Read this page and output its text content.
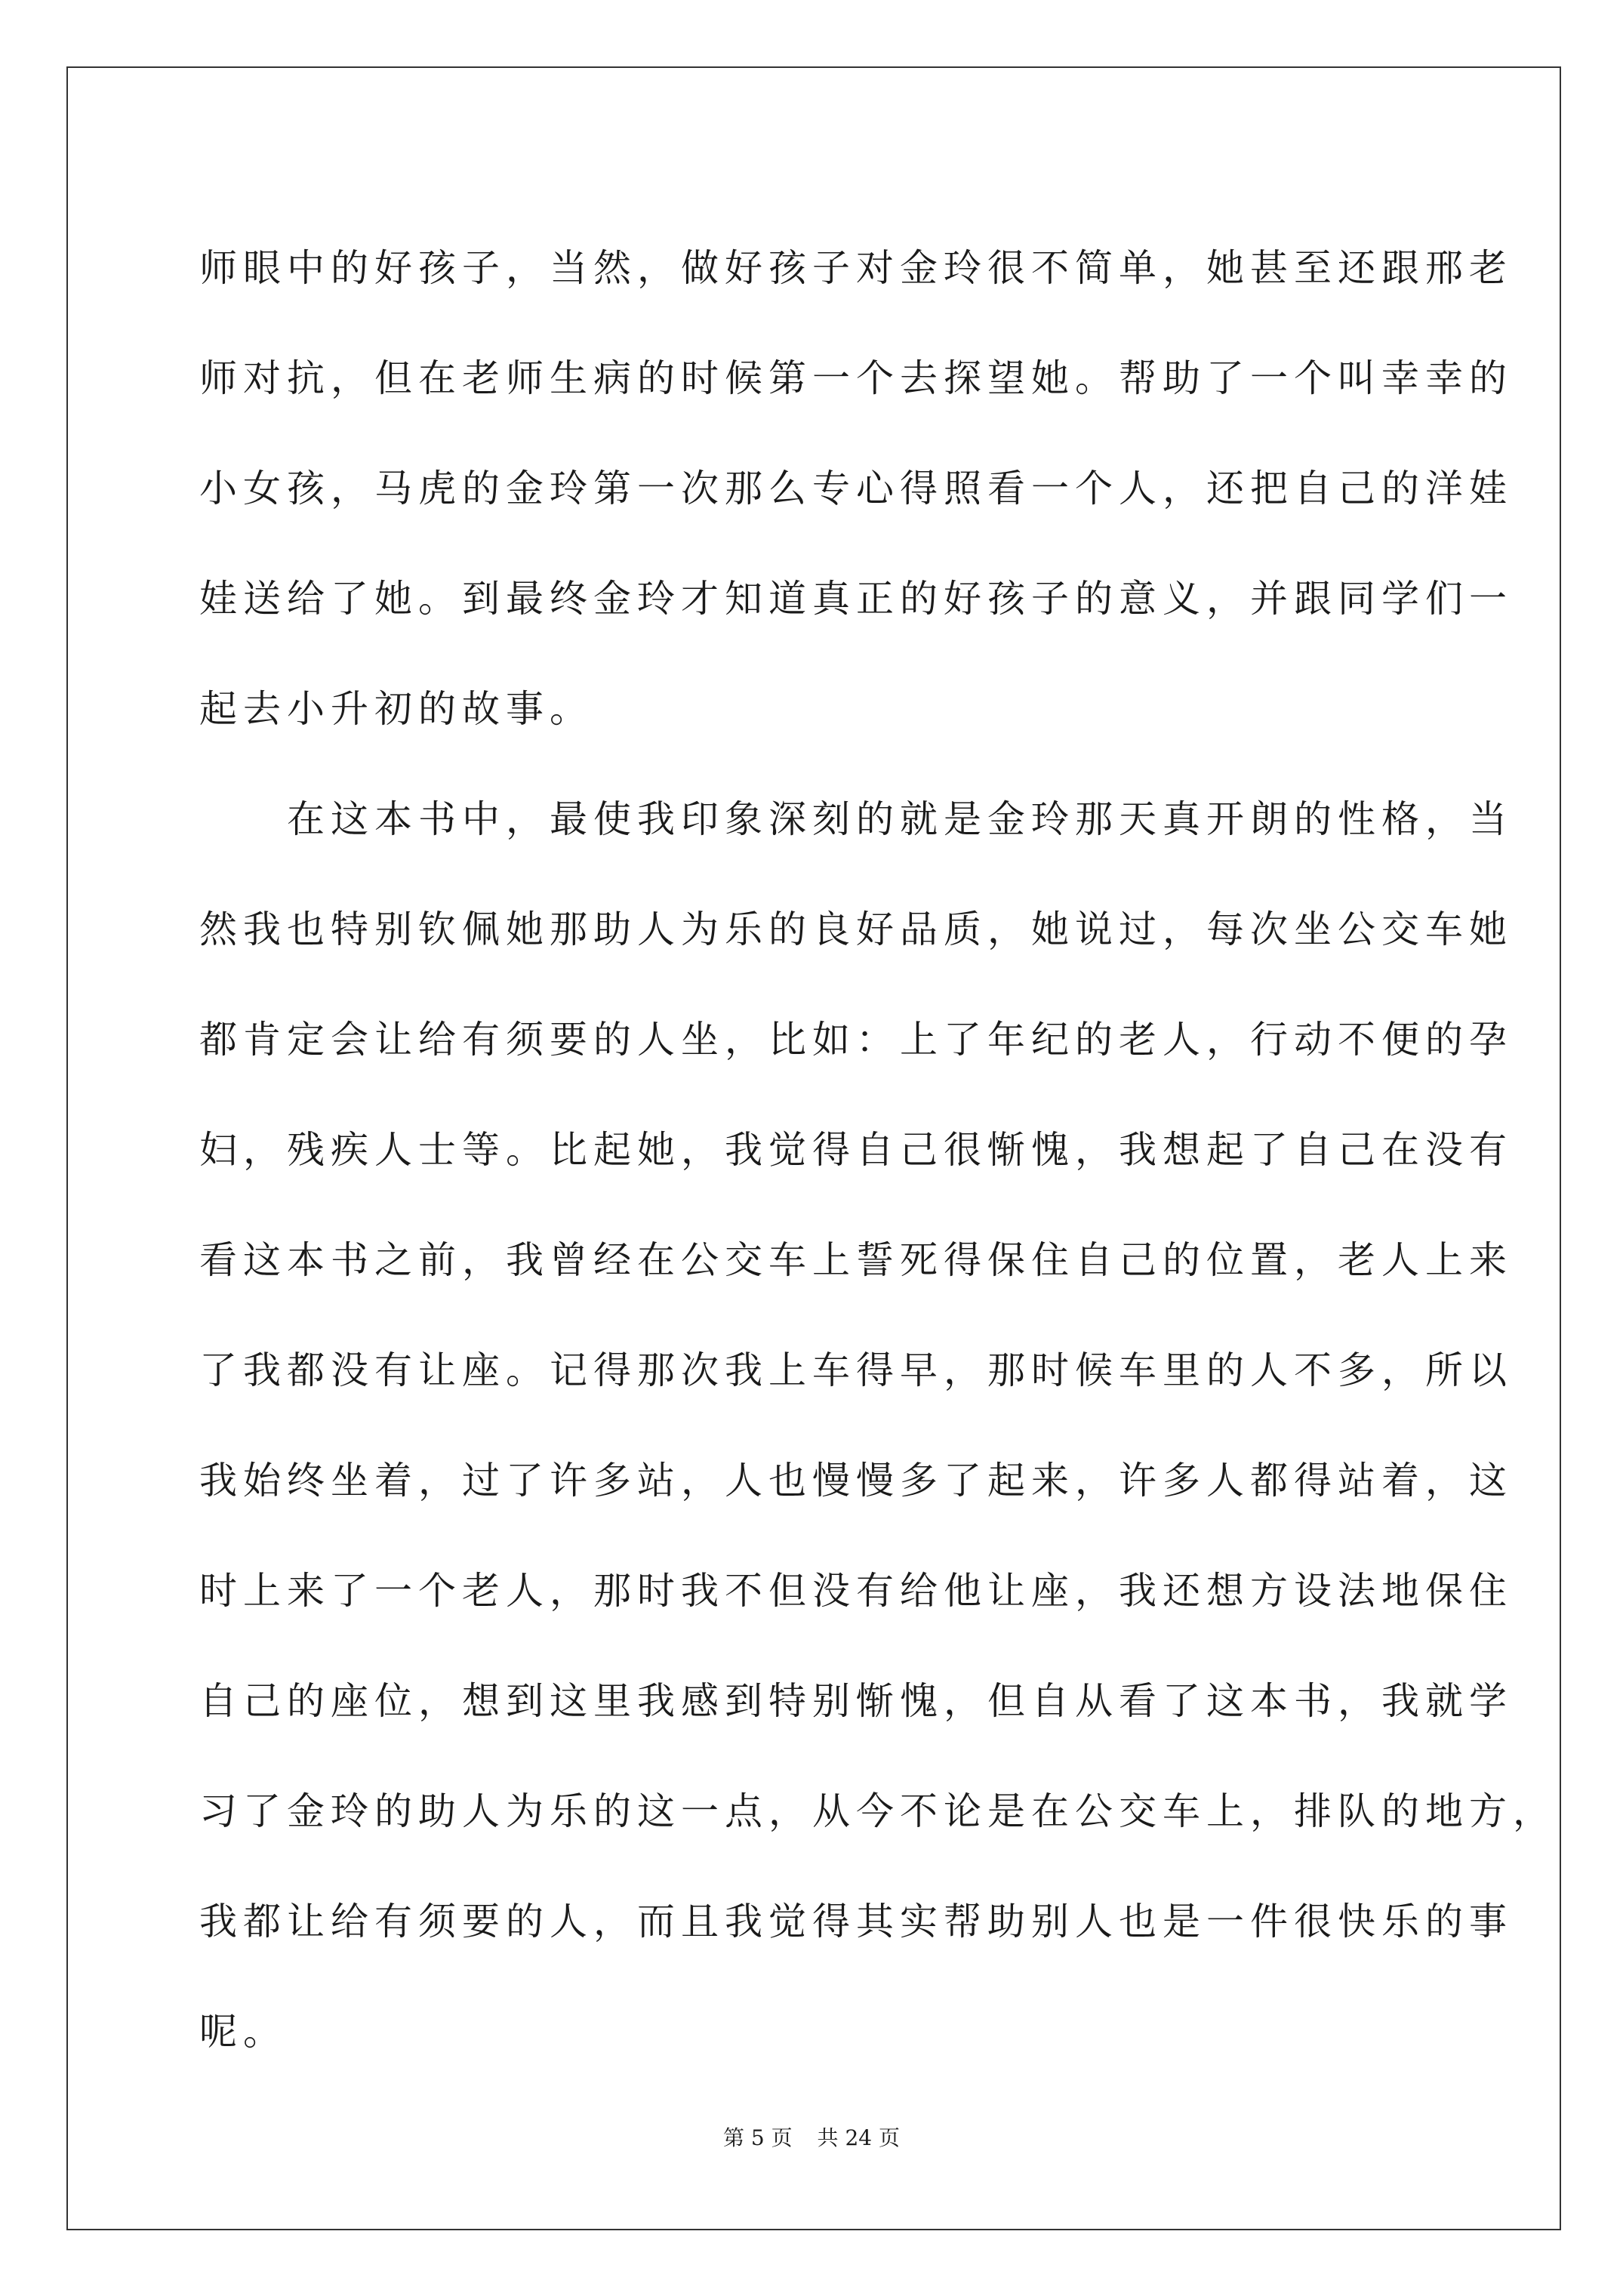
师眼中的好孩子，当然，做好孩子对金玲很不简单，她甚至还跟邢老
师对抗，但在老师生病的时候第一个去探望她。帮助了一个叫幸幸的
小女孩，马虎的金玲第一次那么专心得照看一个人，还把自己的洋娃
娃送给了她。到最终金玲才知道真正的好孩子的意义，并跟同学们一
起去小升初的故事。
　　在这本书中，最使我印象深刻的就是金玲那天真开朗的性格，当
然我也特别钦佩她那助人为乐的良好品质，她说过，每次坐公交车她
都肯定会让给有须要的人坐，比如：上了年纪的老人，行动不便的孕
妇，残疾人士等。比起她，我觉得自己很惭愧，我想起了自己在没有
看这本书之前，我曾经在公交车上誓死得保住自己的位置，老人上来
了我都没有让座。记得那次我上车得早，那时候车里的人不多，所以
我始终坐着，过了许多站，人也慢慢多了起来，许多人都得站着，这
时上来了一个老人，那时我不但没有给他让座，我还想方设法地保住
自己的座位，想到这里我感到特别惭愧，但自从看了这本书，我就学
习了金玲的助人为乐的这一点，从今不论是在公交车上，排队的地方，
我都让给有须要的人，而且我觉得其实帮助别人也是一件很快乐的事
呢。
第 5 页 共 24 页
